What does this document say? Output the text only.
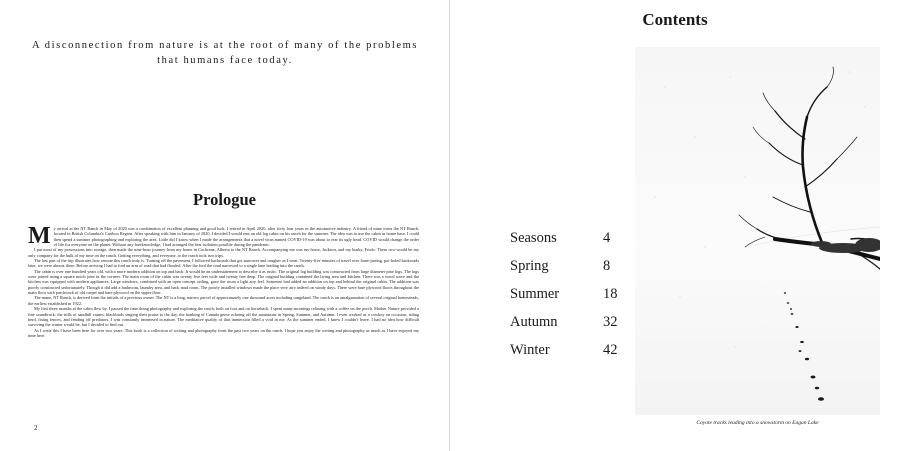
A disconnection from nature is at the root of many of the problems that humans face today.
Prologue

My arrival at the NT Ranch in May of 2020 was a combination of excellent planning and good luck. I retired in April 2020, after forty four years in the automotive industry. A friend of mine owns the NT Ranch, located in British Columbia's Cariboo Region. After speaking with him in January of 2020, I decided I would rent an old log cabin on his ranch for the summer. The idea was to use the cabin as home base. I could then spend a summer photographing and exploring the area. Little did I know when I made the arrangements that a novel virus named COVID-19 was about to rear its ugly head. COVID would change the order of life for everyone on the planet. Without any foreknowledge, I had arranged the best isolation possible during the pandemic.

I put most of my possessions into storage, then made the nine-hour journey from my home in Cochrane, Alberta to the NT Ranch. Accompanying me was my horse, Jackson, and my husky, Frodo. These two would be my only company for the bulk of my time on the ranch. Getting everything, and everyone, to the ranch took two trips.

The last part of the trip illustrates how remote this ranch truly is. Turning off the pavement, I followed backroads that got narrower and rougher as I went. Twenty-five minutes of travel over bone-jarring, pot-holed backroads later, we were almost there. Before arriving I had to ford an arm of road that had flooded. After the ford the road narrowed to a single lane leading into the ranch.

The cabin is over one hundred years old, with a more modern addition on top and back. It would be an understatement to describe it as rustic. The original log building was constructed from large diameter pine logs. The logs were joined using a square notch joint in the corners. The main room of the cabin was twenty five feet wide and twenty feet deep. The original building contained the living area and kitchen. There was a wood stove and the kitchen was equipped with modern appliances. Large windows, combined with an open concept ceiling, gave the room a light airy feel. Someone had added an addition on top and behind the original cabin. The addition was poorly constructed unfortunately. Though it did add a bathroom, laundry area, and back mud room. The poorly installed windows made the place very airy indeed on windy days. There were bare plywood floors throughout the main floor with patchwork of old carpet and bare plywood on the upper floor.

The name, NT Ranch, is derived from the initials of a previous owner. The NT is a long, narrow parcel of approximately one thousand acres including rangeland. The ranch is an amalgamation of several original homesteads, the earliest established in 1922.

My first three months at the cabin flew by. I passed the time doing photography and exploring the ranch, both on foot and on horseback. I spent many mornings relaxing with a coffee on the porch. Mother Nature provided a fine soundtrack: the trills of sandhill cranes, blackbirds singing their praise to the day, the honking of Canada geese echoing off the mountains in Spring, Summer, and Autumn. I even worked as a cowboy on occasion, riding herd, fixing fences, and fending off predators. I was constantly immersed in nature. The meditative quality of that immersion filled a void in me. As the summer ended, I knew I couldn't leave. I had no idea how difficult surviving the winter would be, but I decided to find out.

As I write this I have been here for over two years. This book is a collection of writing and photography from the past two years on the ranch. I hope you enjoy the writing and photography as much as I have enjoyed my time here.

2
Contents
Seasons	4
Spring	8
Summer	18
Autumn	32
Winter	42
Coyote tracks leading into a snowstorm on Eagan Lake
